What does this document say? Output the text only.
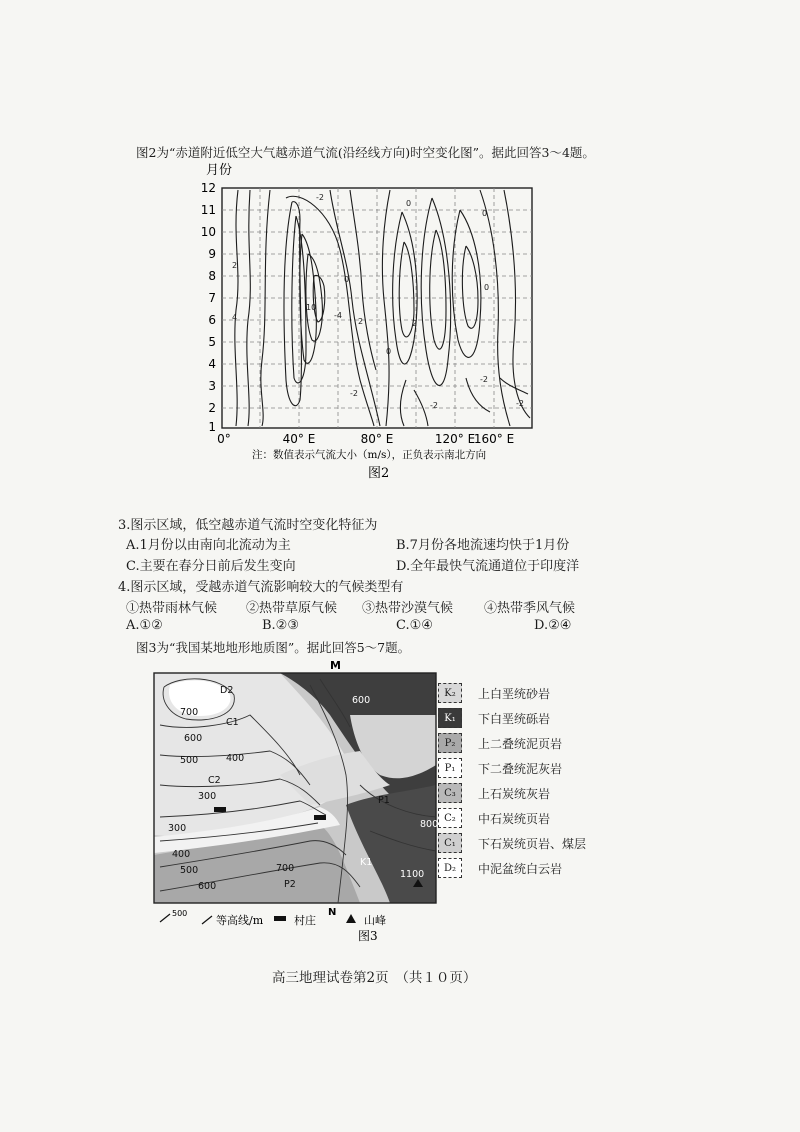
图2为“赤道附近低空大气越赤道气流(沿经线方向)时空变化图”。据此回答3～4题。
月份
12
11
10
9
8
7
6
5
4
3
2
1
0°	40° E	80° E	120° E
160° E
-2
0
2
4
10
-4
0
2
-2
0
2
-2
0
-2	-2
0
注：数值表示气流大小（m/s），正负表示南北方向
图2
3.图示区域，低空越赤道气流时空变化特征为
A.1月份以由南向北流动为主	B.7月份各地流速均快于1月份
C.主要在春分日前后发生变向	D.全年最快气流通道位于印度洋
4.图示区域，受越赤道气流影响较大的气候类型有
①热带雨林气候 ②热带草原气候 ③热带沙漠气候 ④热带季风气候
A.①②	B.②③	C.①④	D.②④
图3为“我国某地地形地质图”。据此回答5～7题。
M
D2
700
C1
600
500	400
C2
300	P1
300
400
500
600
700
P2
K1
800
1100
600
N
K₂	上白垩统砂岩
K₁	下白垩统砾岩
P₂	上二叠统泥页岩
P₁	下二叠统泥灰岩
C₃	上石炭统灰岩
C₂	中石炭统页岩
C₁	下石炭统页岩、煤层
D₂	中泥盆统白云岩
500
等高线/m	村庄	山峰
图3
高三地理试卷第2页　（共１０页）
